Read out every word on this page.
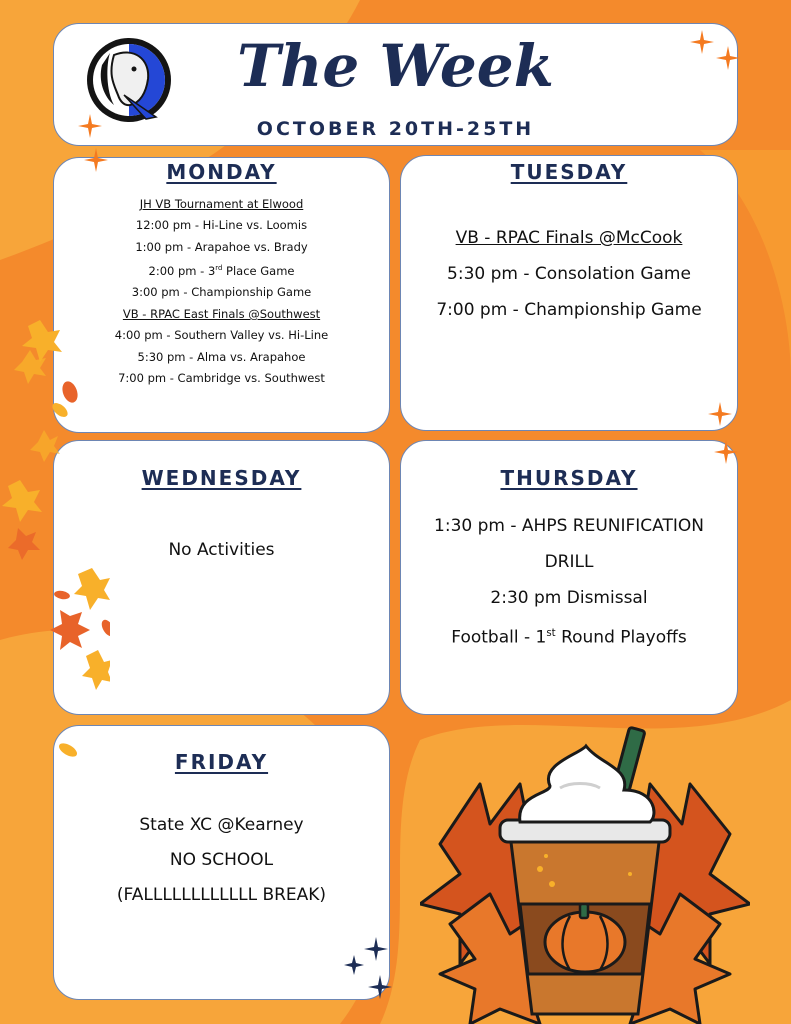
The Week
OCTOBER 20TH-25TH
MONDAY
JH VB Tournament at Elwood
12:00 pm - Hi-Line vs. Loomis
1:00 pm - Arapahoe vs. Brady
2:00 pm - 3rd Place Game
3:00 pm - Championship Game
VB - RPAC East Finals @Southwest
4:00 pm - Southern Valley vs. Hi-Line
5:30 pm - Alma vs. Arapahoe
7:00 pm - Cambridge vs. Southwest
TUESDAY
VB - RPAC Finals @McCook
5:30 pm - Consolation Game
7:00 pm - Championship Game
WEDNESDAY
No Activities
THURSDAY
1:30 pm - AHPS REUNIFICATION
DRILL
2:30 pm Dismissal
Football - 1st Round Playoffs
FRIDAY
State XC @Kearney
NO SCHOOL
(FALLLLLLLLLLLL BREAK)
